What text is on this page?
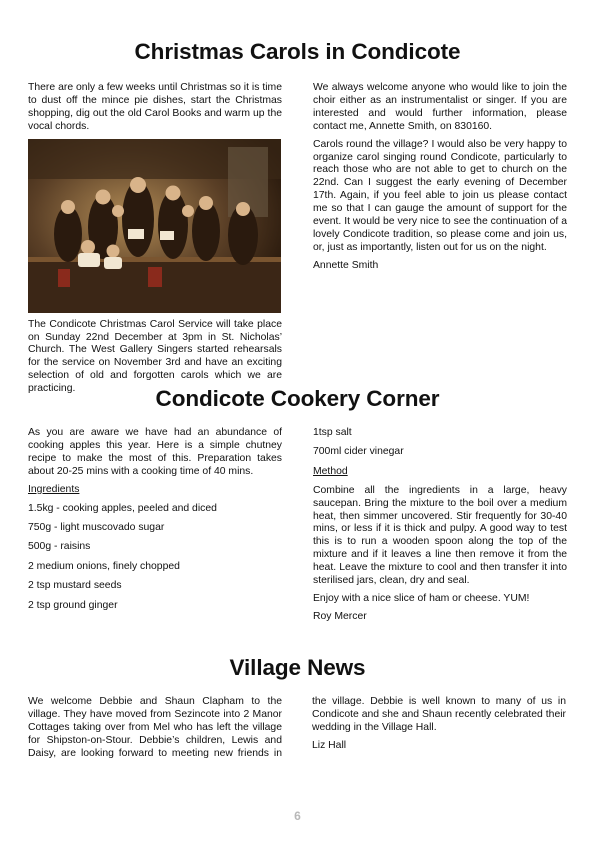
Christmas Carols in Condicote

There are only a few weeks until Christmas so it is time to dust off the mince pie dishes, start the Christmas shopping, dig out the old Carol Books and warm up the vocal chords.

The Condicote Christmas Carol Service will take place on Sunday 22nd December at 3pm in St. Nicholas’ Church. The West Gallery Singers started rehearsals for the service on November 3rd and have an exciting selection of old and forgotten carols which we are practicing.

We always welcome anyone who would like to join the choir either as an instrumentalist or singer. If you are interested and would further information, please contact me, Annette Smith, on 830160.

Carols round the village? I would also be very happy to organize carol singing round Condicote, particularly to reach those who are not able to get to church on the 22nd. Can I suggest the early evening of December 17th. Again, if you feel able to join us please contact me so that I can gauge the amount of support for the event. It would be very nice to see the continuation of a lovely Condicote tradition, so please come and join us, or, just as importantly, listen out for us on the night.

Annette Smith

Condicote Cookery Corner

As you are aware we have had an abundance of cooking apples this year. Here is a simple chutney recipe to make the most of this. Preparation takes about 20-25 mins with a cooking time of 40 mins.

Ingredients

1.5kg - cooking apples, peeled and diced

750g - light muscovado sugar

500g - raisins

2 medium onions, finely chopped

2 tsp mustard seeds

2 tsp ground ginger

1tsp salt

700ml cider vinegar

Method

Combine all the ingredients in a large, heavy saucepan. Bring the mixture to the boil over a medium heat, then simmer uncovered. Stir frequently for 30-40 mins, or less if it is thick and pulpy. A good way to test this is to run a wooden spoon along the top of the mixture and if it leaves a line then remove it from the heat. Leave the mixture to cool and then transfer it into sterilised jars, clean, dry and seal.

Enjoy with a nice slice of ham or cheese. YUM!

Roy Mercer

Village News

We welcome Debbie and Shaun Clapham to the village. They have moved from Sezincote into 2 Manor Cottages taking over from Mel who has left the village for Shipston-on-Stour. Debbie’s children, Lewis and Daisy, are looking forward to meeting new friends in the village. Debbie is well known to many of us in Condicote and she and Shaun recently celebrated their wedding in the Village Hall.

Liz Hall

6
